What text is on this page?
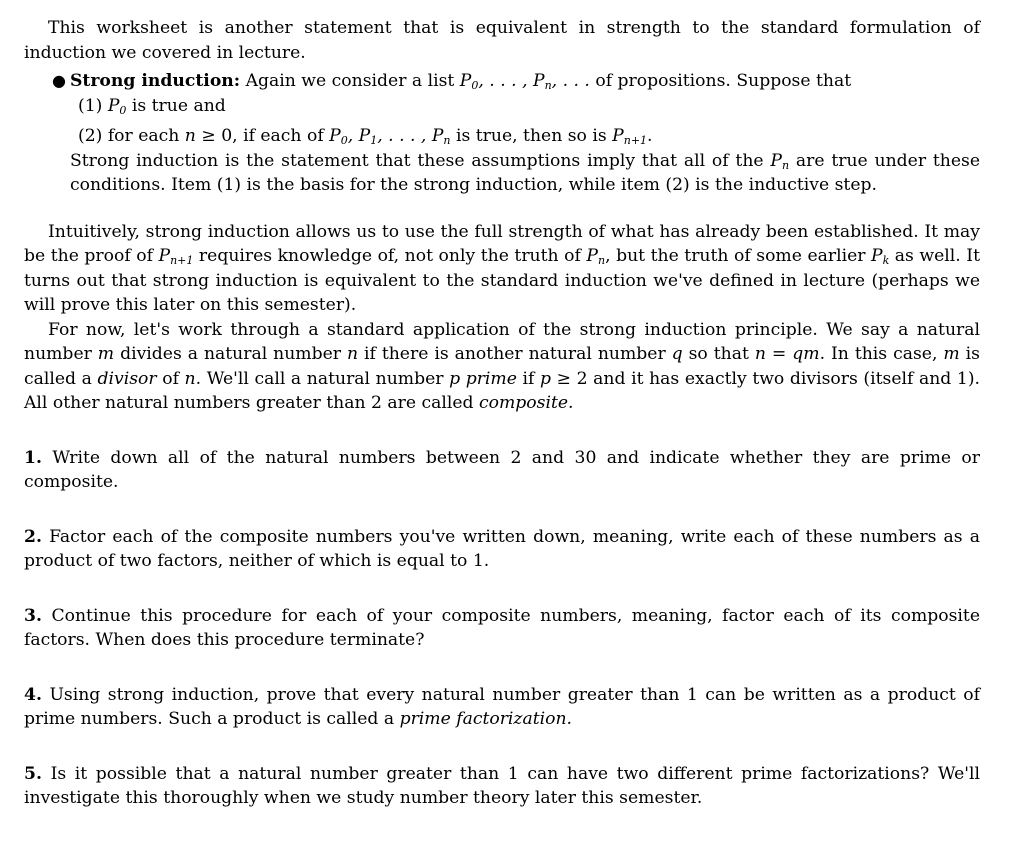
This worksheet is another statement that is equivalent in strength to the standard formulation of induction we covered in lecture.

● Strong induction: Again we consider a list $P_0$, . . . , $P_n$, . . . of propositions. Suppose that

(1) $P_0$ is true and
(2) for each n ≥ 0, if each of $P_0$, $P_1$, . . . , $P_n$ is true, then so is $P_{n+1}$.

Strong induction is the statement that these assumptions imply that all of the $P_n$ are true under these conditions. Item (1) is the basis for the strong induction, while item (2) is the inductive step.

Intuitively, strong induction allows us to use the full strength of what has already been established. It may be the proof of $P_{n+1}$ requires knowledge of, not only the truth of $P_n$, but the truth of some earlier $P_k$ as well. It turns out that strong induction is equivalent to the standard induction we've defined in lecture (perhaps we will prove this later on this semester).

For now, let's work through a standard application of the strong induction principle. We say a natural number m divides a natural number n if there is another natural number q so that n = qm. In this case, m is called a divisor of n. We'll call a natural number p prime if p ≥ 2 and it has exactly two divisors (itself and 1). All other natural numbers greater than 2 are called composite.

1. Write down all of the natural numbers between 2 and 30 and indicate whether they are prime or composite.

2. Factor each of the composite numbers you've written down, meaning, write each of these numbers as a product of two factors, neither of which is equal to 1.

3. Continue this procedure for each of your composite numbers, meaning, factor each of its composite factors. When does this procedure terminate?

4. Using strong induction, prove that every natural number greater than 1 can be written as a product of prime numbers. Such a product is called a prime factorization.

5. Is it possible that a natural number greater than 1 can have two different prime factorizations? We'll investigate this thoroughly when we study number theory later this semester.
